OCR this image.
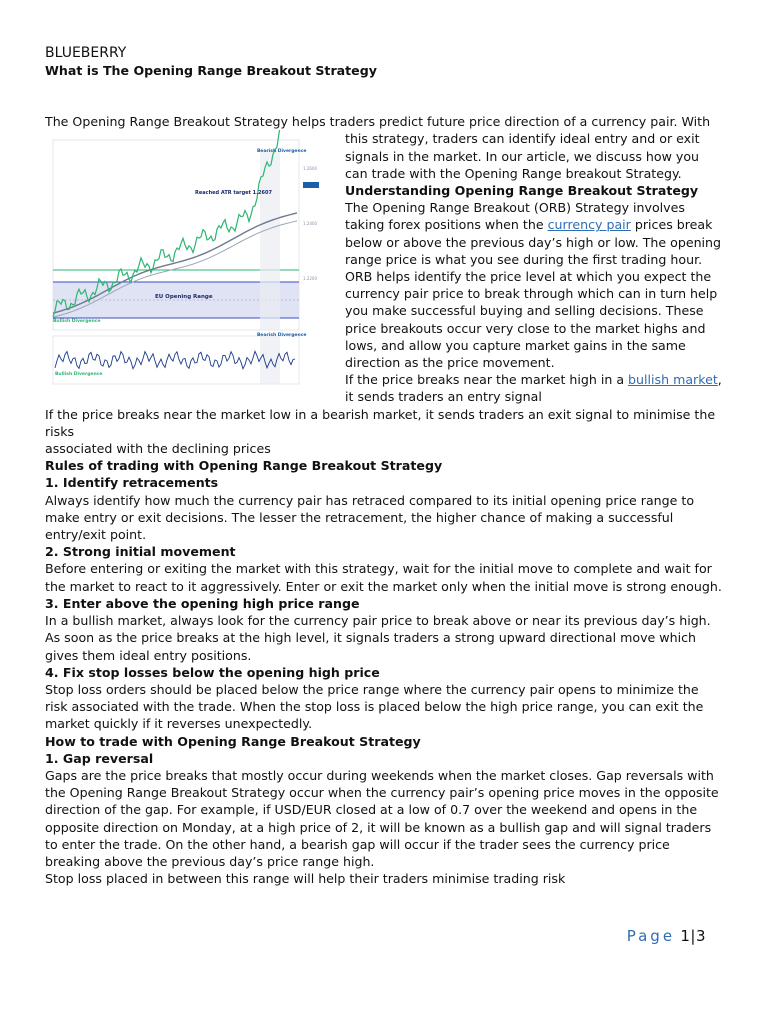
BLUEBERRY
What is The Opening Range Breakout Strategy
The Opening Range Breakout Strategy helps traders predict future price direction of a currency pair. With
EU Opening Range
Reached ATR target 1.2607
Bearish Divergence
Bullish Divergence
1.2600
1.2400
1.2200
Bearish Divergence
Bullish Divergence
this strategy, traders can identify ideal entry and or exit signals in the market. In our article, we discuss how you can trade with the Opening Range breakout Strategy.
Understanding Opening Range Breakout Strategy
The Opening Range Breakout (ORB) Strategy involves taking forex positions when the currency pair prices break below or above the previous day’s high or low. The opening range price is what you see during the first trading hour. ORB helps identify the price level at which you expect the currency pair price to break through which can in turn help you make successful buying and selling decisions. These price breakouts occur very close to the market highs and lows, and allow you capture market gains in the same direction as the price movement.
If the price breaks near the market high in a bullish market, it sends traders an entry signal
If the price breaks near the market low in a bearish market, it sends traders an exit signal to minimise the risks
associated with the declining prices
Rules of trading with Opening Range Breakout Strategy
1. Identify retracements
Always identify how much the currency pair has retraced compared to its initial opening price range to make entry or exit decisions. The lesser the retracement, the higher chance of making a successful entry/exit point.
2. Strong initial movement
Before entering or exiting the market with this strategy, wait for the initial move to complete and wait for the market to react to it aggressively. Enter or exit the market only when the initial move is strong enough.
3. Enter above the opening high price range
In a bullish market, always look for the currency pair price to break above or near its previous day’s high. As soon as the price breaks at the high level, it signals traders a strong upward directional move which gives them ideal entry positions.
4. Fix stop losses below the opening high price
Stop loss orders should be placed below the price range where the currency pair opens to minimize the risk associated with the trade. When the stop loss is placed below the high price range, you can exit the market quickly if it reverses unexpectedly.
How to trade with Opening Range Breakout Strategy
1. Gap reversal
Gaps are the price breaks that mostly occur during weekends when the market closes. Gap reversals with the Opening Range Breakout Strategy occur when the currency pair’s opening price moves in the opposite direction of the gap. For example, if USD/EUR closed at a low of 0.7 over the weekend and opens in the opposite direction on Monday, at a high price of 2, it will be known as a bullish gap and will signal traders to enter the trade. On the other hand, a bearish gap will occur if the trader sees the currency price breaking above the previous day’s price range high.
Stop loss placed in between this range will help their traders minimise trading risk
Page 1|3
